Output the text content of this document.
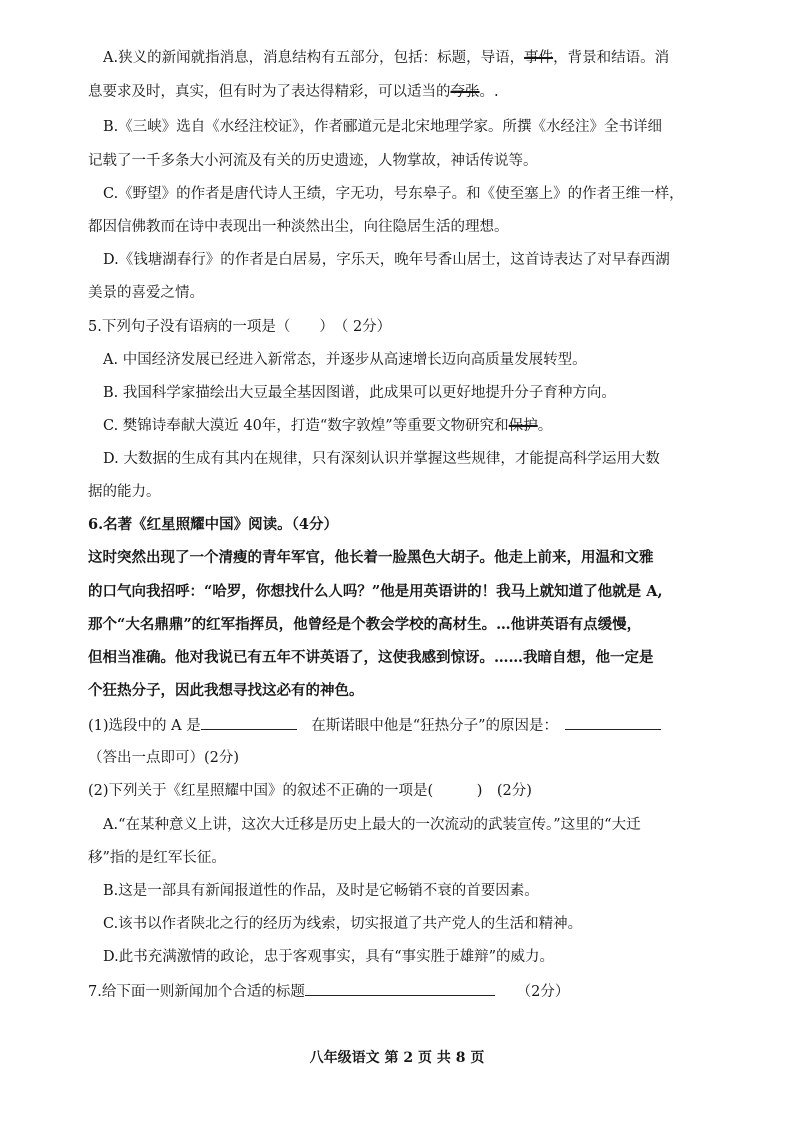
A.狭义的新闻就指消息，消息结构有五部分，包括：标题，导语，事件，背景和结语。消
息要求及时，真实，但有时为了表达得精彩，可以适当的夸张。.
B.《三峡》选自《水经注校证》，作者郦道元是北宋地理学家。所撰《水经注》全书详细
记载了一千多条大小河流及有关的历史遗迹，人物掌故，神话传说等。
C.《野望》的作者是唐代诗人王绩，字无功，号东皋子。和《使至塞上》的作者王维一样，
都因信佛教而在诗中表现出一种淡然出尘，向往隐居生活的理想。
D.《钱塘湖春行》的作者是白居易，字乐天，晚年号香山居士，这首诗表达了对早春西湖
美景的喜爱之情。
5.下列句子没有语病的一项是（　　）　（ 2分）
A. 中国经济发展已经进入新常态，并逐步从高速增长迈向高质量发展转型。
B. 我国科学家描绘出大豆最全基因图谱，此成果可以更好地提升分子育种方向。
C. 樊锦诗奉献大漠近 40年，打造“数字敦煌”等重要文物研究和保护。
D. 大数据的生成有其内在规律，只有深刻认识并掌握这些规律，才能提高科学运用大数
据的能力。
6.名著《红星照耀中国》阅读。（4分）
这时突然出现了一个清瘦的青年军官，他长着一脸黑色大胡子。他走上前来，用温和文雅
的口气向我招呼：“哈罗，你想找什么人吗？”他是用英语讲的！我马上就知道了他就是 A,
那个“大名鼎鼎”的红军指挥员，他曾经是个教会学校的高材生。…他讲英语有点缓慢，
但相当准确。他对我说已有五年不讲英语了，这使我感到惊讶。……我暗自想，他一定是
个狂热分子，因此我想寻找这必有的神色。
(1)选段中的 A 是　	在斯诺眼中他是“狂热分子”的原因是：　
（答出一点即可）(2分)
(2)下列关于《红星照耀中国》的叙述不正确的一项是(　　　)　(2分)
A.“在某种意义上讲，这次大迁移是历史上最大的一次流动的武装宣传。”这里的“大迁
移”指的是红军长征。
B.这是一部具有新闻报道性的作品，及时是它畅销不衰的首要因素。
C.该书以作者陕北之行的经历为线索，切实报道了共产党人的生活和精神。
D.此书充满激情的政论，忠于客观事实，具有“事实胜于雄辩”的威力。
7.给下面一则新闻加个合适的标题　　	（2分）
八年级语文 第 2 页 共 8 页
